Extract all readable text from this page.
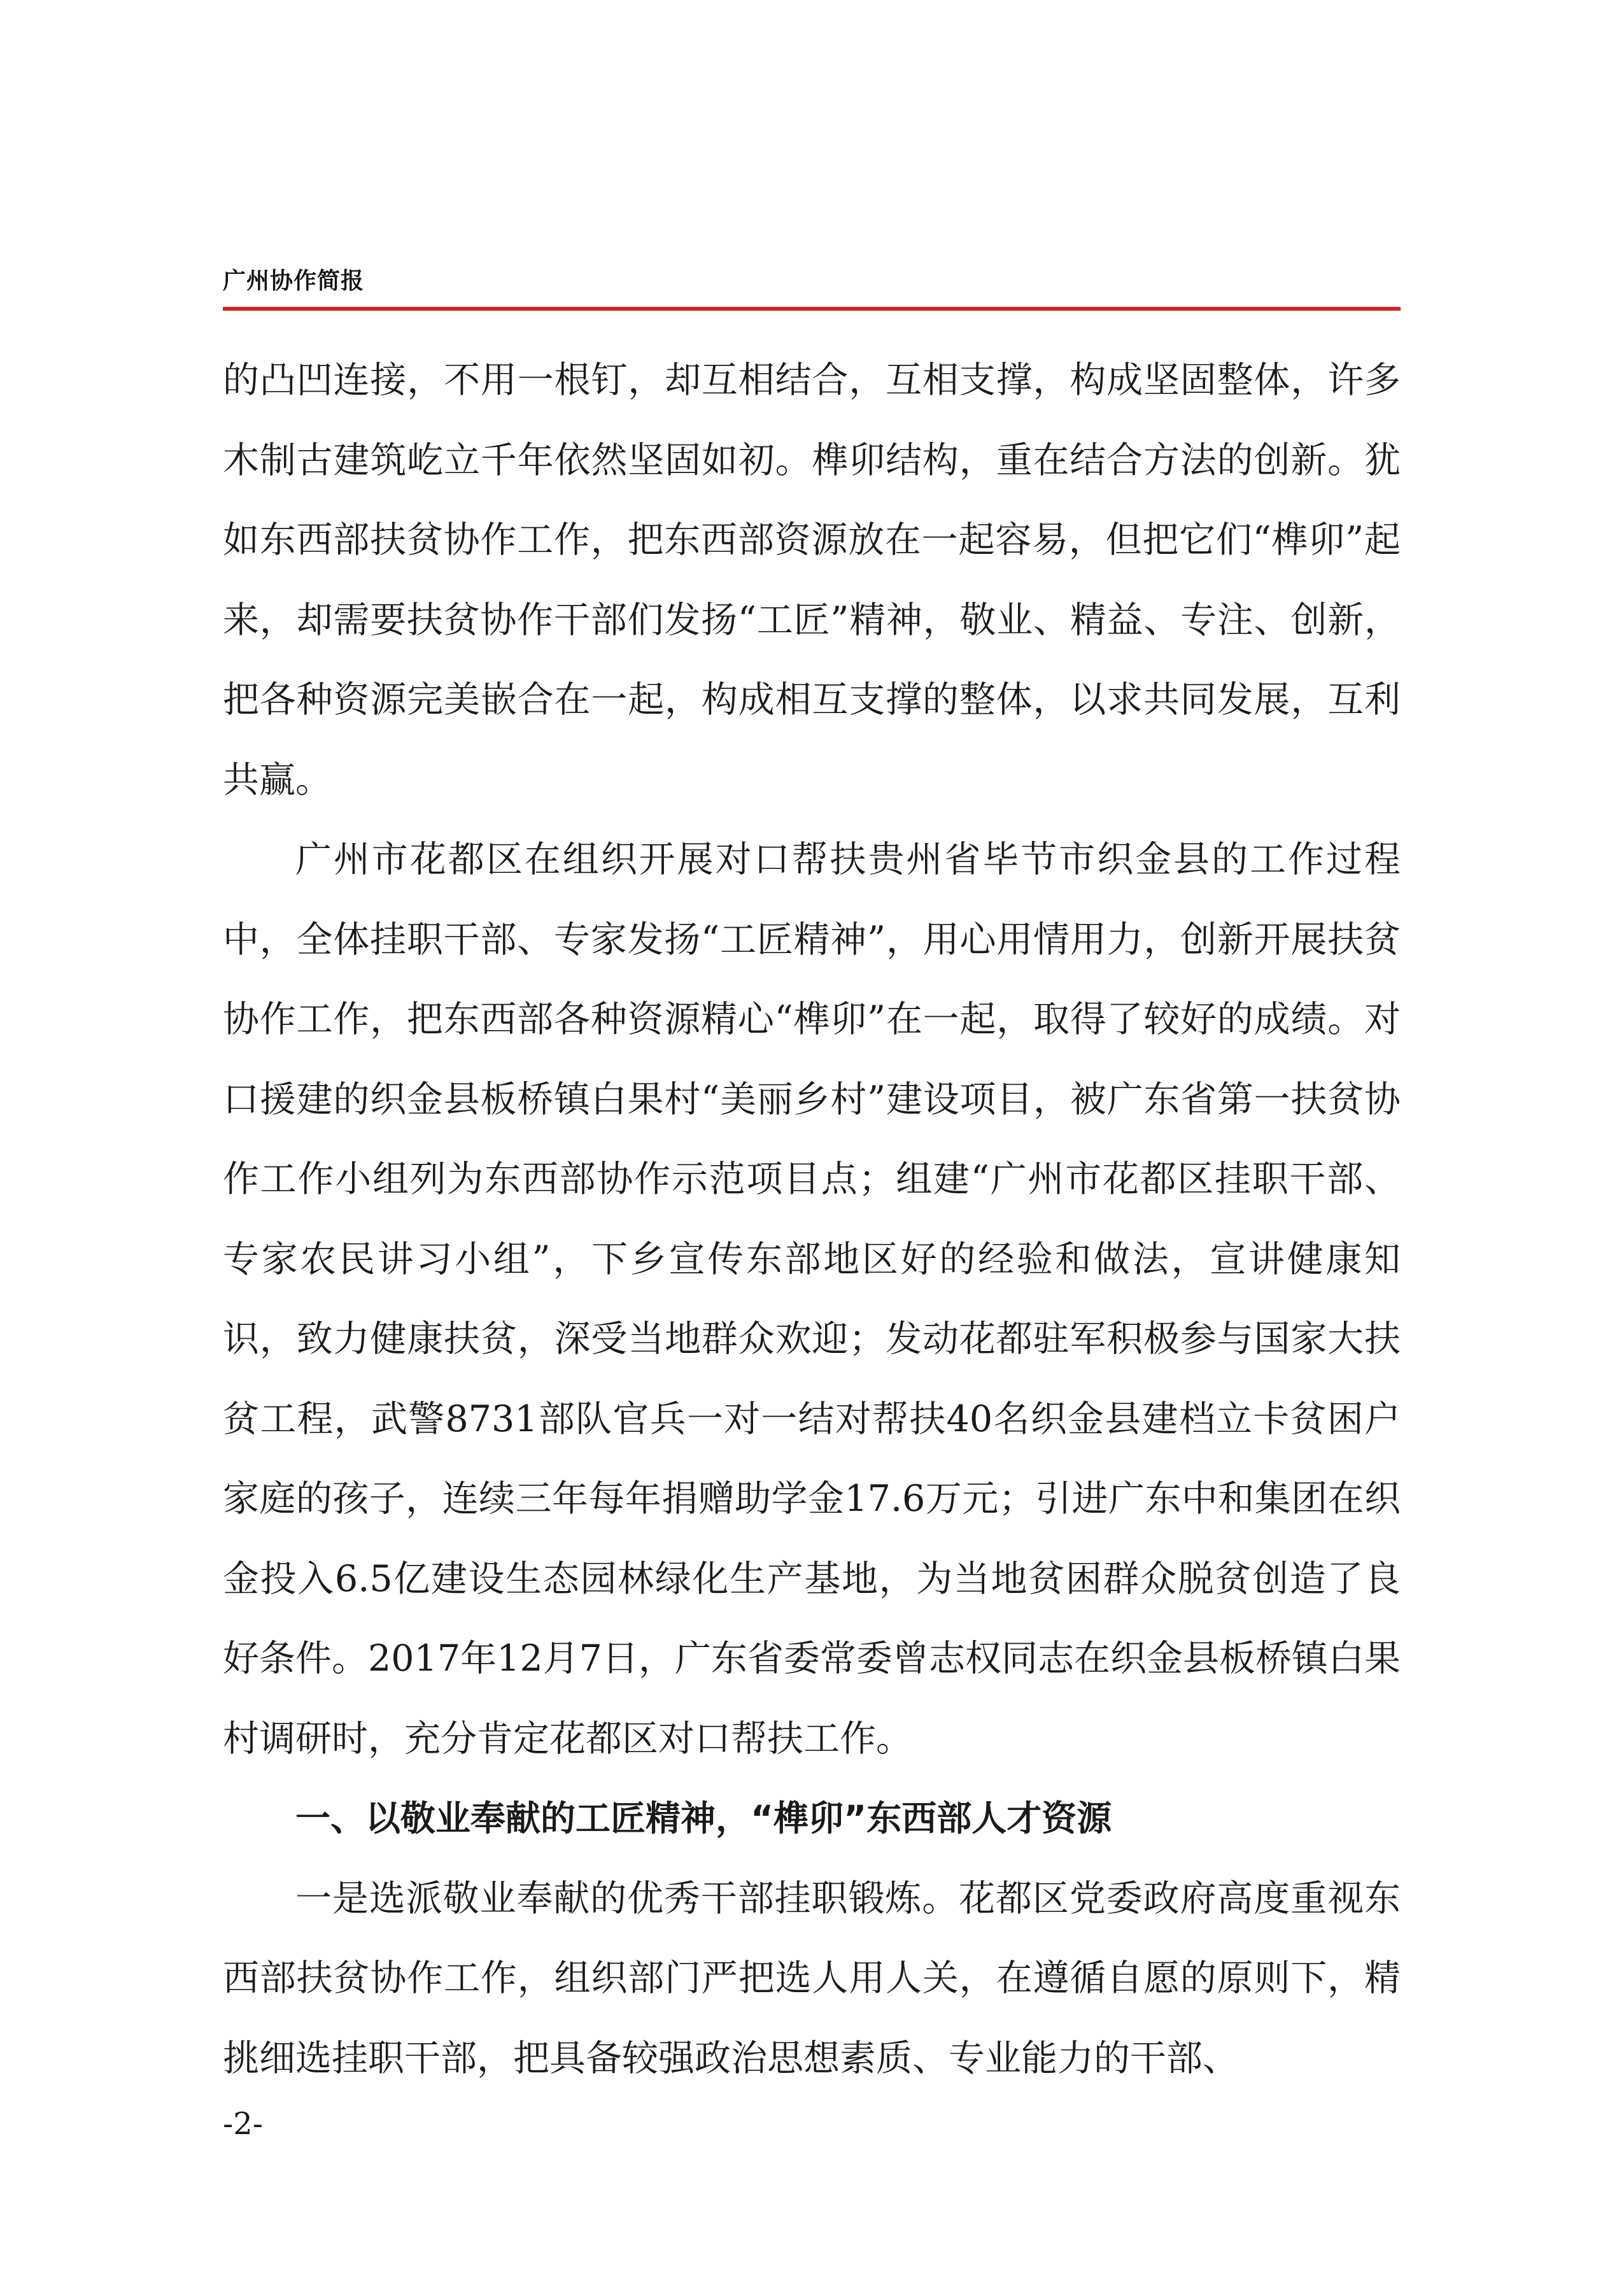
广州协作简报

的凸凹连接，不用一根钉，却互相结合，互相支撑，构成坚固整体，许多木制古建筑屹立千年依然坚固如初。榫卯结构，重在结合方法的创新。犹如东西部扶贫协作工作，把东西部资源放在一起容易，但把它们“榫卯”起来，却需要扶贫协作干部们发扬“工匠”精神，敬业、精益、专注、创新，把各种资源完美嵌合在一起，构成相互支撑的整体，以求共同发展，互利共赢。

广州市花都区在组织开展对口帮扶贵州省毕节市织金县的工作过程中，全体挂职干部、专家发扬“工匠精神”，用心用情用力，创新开展扶贫协作工作，把东西部各种资源精心“榫卯”在一起，取得了较好的成绩。对口援建的织金县板桥镇白果村“美丽乡村”建设项目，被广东省第一扶贫协作工作小组列为东西部协作示范项目点；组建“广州市花都区挂职干部、专家农民讲习小组”，下乡宣传东部地区好的经验和做法，宣讲健康知识，致力健康扶贫，深受当地群众欢迎；发动花都驻军积极参与国家大扶贫工程，武警8731部队官兵一对一结对帮扶40名织金县建档立卡贫困户家庭的孩子，连续三年每年捐赠助学金17.6万元；引进广东中和集团在织金投入6.5亿建设生态园林绿化生产基地，为当地贫困群众脱贫创造了良好条件。2017年12月7日，广东省委常委曾志权同志在织金县板桥镇白果村调研时，充分肯定花都区对口帮扶工作。

一、以敬业奉献的工匠精神，“榫卯”东西部人才资源

一是选派敬业奉献的优秀干部挂职锻炼。花都区党委政府高度重视东西部扶贫协作工作，组织部门严把选人用人关，在遵循自愿的原则下，精挑细选挂职干部，把具备较强政治思想素质、专业能力的干部、

-2-
